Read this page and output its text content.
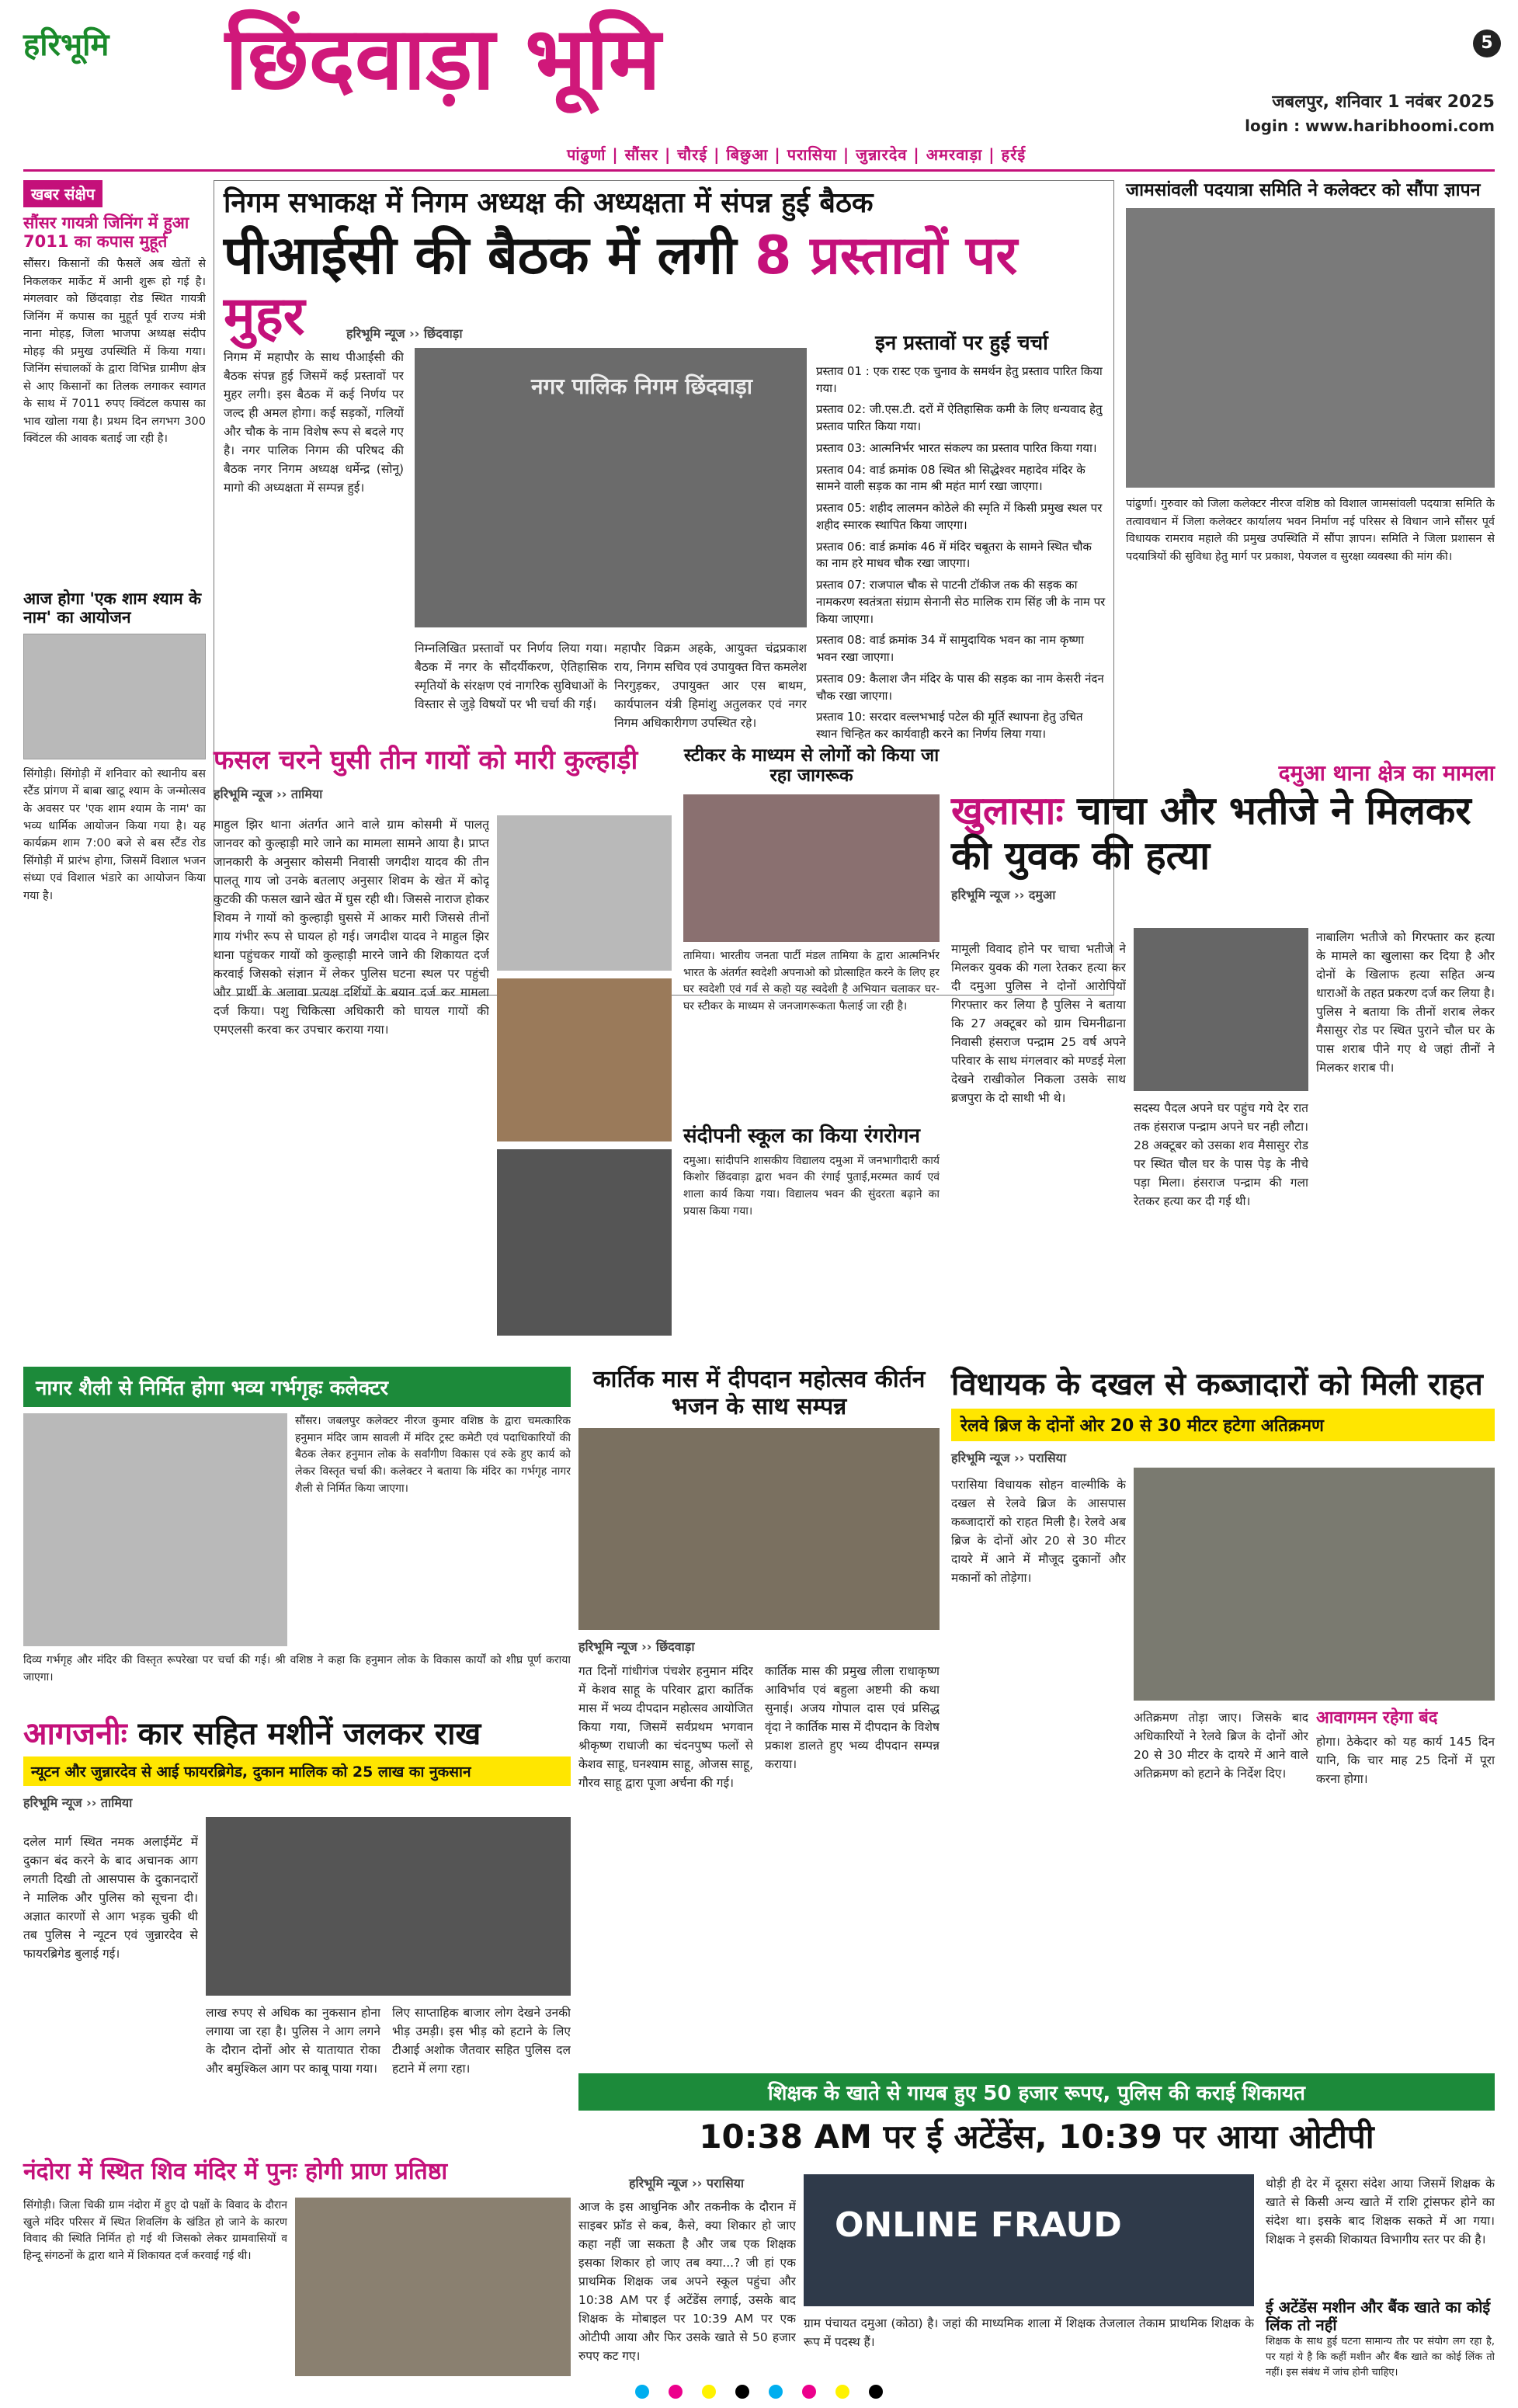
हरिभूमि छिंदवाड़ा भूमि	5
जबलपुर, शनिवार 1 नवंबर 2025
login : www.haribhoomi.com
पांढुर्णा | सौंसर | चौरई | बिछुआ | परासिया | जुन्नारदेव | अमरवाड़ा | हर्रई
खबर संक्षेप
सौंसर गायत्री जिनिंग में हुआ 7011 का कपास मुहूर्त
सौंसर। किसानों की फैसलें अब खेतों से निकलकर मार्केट में आनी शुरू हो गई है। मंगलवार को छिंदवाड़ा रोड स्थित गायत्री जिनिंग में कपास का मुहूर्त पूर्व राज्य मंत्री नाना मोहड़, जिला भाजपा अध्यक्ष संदीप मोहड़ की प्रमुख उपस्थिति में किया गया। जिनिंग संचालकों के द्वारा विभिन्न ग्रामीण क्षेत्र से आए किसानों का तिलक लगाकर स्वागत के साथ में 7011 रुपए क्विंटल कपास का भाव खोला गया है। प्रथम दिन लगभग 300 क्विंटल की आवक बताई जा रही है।
आज होगा 'एक शाम श्याम के नाम' का आयोजन
सिंगोड़ी। सिंगोड़ी में शनिवार को स्थानीय बस स्टैंड प्रांगण में बाबा खाटू श्याम के जन्मोत्सव के अवसर पर 'एक शाम श्याम के नाम' का भव्य धार्मिक आयोजन किया गया है। यह कार्यक्रम शाम 7:00 बजे से बस स्टैंड रोड सिंगोड़ी में प्रारंभ होगा, जिसमें विशाल भजन संध्या एवं विशाल भंडारे का आयोजन किया गया है।
निगम सभाकक्ष में निगम अध्यक्ष की अध्यक्षता में संपन्न हुई बैठक
पीआईसी की बैठक में लगी 8 प्रस्तावों पर मुहर	हरिभूमि न्यूज ›› छिंदवाड़ा
निगम में महापौर के साथ पीआईसी की बैठक संपन्न हुई जिसमें कई प्रस्तावों पर मुहर लगी। इस बैठक में कई निर्णय पर जल्द ही अमल होगा। कई सड़कों, गलियों और चौक के नाम विशेष रूप से बदले गए है। नगर पालिक निगम की परिषद की बैठक नगर निगम अध्यक्ष धर्मेन्द्र (सोनू) मागो की अध्यक्षता में सम्पन्न हुई।
नगर पालिक निगम छिंदवाड़ा
निम्नलिखित प्रस्तावों पर निर्णय लिया गया। बैठक में नगर के सौंदर्यीकरण, ऐतिहासिक स्मृतियों के संरक्षण एवं नागरिक सुविधाओं के विस्तार से जुड़े विषयों पर भी चर्चा की गई।
महापौर विक्रम अहके, आयुक्त चंद्रप्रकाश राय, निगम सचिव एवं उपायुक्त वित्त कमलेश निरगुड़कर, उपायुक्त आर एस बाथम, कार्यपालन यंत्री हिमांशु अतुलकर एवं नगर निगम अधिकारीगण उपस्थित रहे।
इन प्रस्तावों पर हुई चर्चा
प्रस्ताव 01 : एक रास्ट एक चुनाव के समर्थन हेतु प्रस्ताव पारित किया गया।
प्रस्ताव 02: जी.एस.टी. दरों में ऐतिहासिक कमी के लिए धन्यवाद हेतु प्रस्ताव पारित किया गया।
प्रस्ताव 03: आत्मनिर्भर भारत संकल्प का प्रस्ताव पारित किया गया।
प्रस्ताव 04: वार्ड क्रमांक 08 स्थित श्री सिद्धेश्वर महादेव मंदिर के सामने वाली सड़क का नाम श्री महंत मार्ग रखा जाएगा।
प्रस्ताव 05: शहीद लालमन कोठेले की स्मृति में किसी प्रमुख स्थल पर शहीद स्मारक स्थापित किया जाएगा।
प्रस्ताव 06: वार्ड क्रमांक 46 में मंदिर चबूतरा के सामने स्थित चौक का नाम हरे माधव चौक रखा जाएगा।
प्रस्ताव 07: राजपाल चौक से पाटनी टॉकीज तक की सड़क का नामकरण स्वतंत्रता संग्राम सेनानी सेठ मालिक राम सिंह जी के नाम पर किया जाएगा।
प्रस्ताव 08: वार्ड क्रमांक 34 में सामुदायिक भवन का नाम कृष्णा भवन रखा जाएगा।
प्रस्ताव 09: कैलाश जैन मंदिर के पास की सड़क का नाम केसरी नंदन चौक रखा जाएगा।
प्रस्ताव 10: सरदार वल्लभभाई पटेल की मूर्ति स्थापना हेतु उचित स्थान चिन्हित कर कार्यवाही करने का निर्णय लिया गया।
जामसांवली पदयात्रा समिति ने कलेक्टर को सौंपा ज्ञापन
पांढुर्णा। गुरुवार को जिला कलेक्टर नीरज वशिष्ठ को विशाल जामसांवली पदयात्रा समिति के तत्वावधान में जिला कलेक्टर कार्यालय भवन निर्माण नई परिसर से विधान जाने सौंसर पूर्व विधायक रामराव महाले की प्रमुख उपस्थिति में सौंपा ज्ञापन। समिति ने जिला प्रशासन से पदयात्रियों की सुविधा हेतु मार्ग पर प्रकाश, पेयजल व सुरक्षा व्यवस्था की मांग की।
फसल चरने घुसी तीन गायों को मारी कुल्हाड़ी
हरिभूमि न्यूज ›› तामिया
माहुल झिर थाना अंतर्गत आने वाले ग्राम कोसमी में पालतू जानवर को कुल्हाड़ी मारे जाने का मामला सामने आया है। प्राप्त जानकारी के अनुसार कोसमी निवासी जगदीश यादव की तीन पालतू गाय जो उनके बतलाए अनुसार शिवम के खेत में कोदू कुटकी की फसल खाने खेत में घुस रही थी। जिससे नाराज होकर शिवम ने गायों को कुल्हाड़ी घुससे में आकर मारी जिससे तीनों गाय गंभीर रूप से घायल हो गई। जगदीश यादव ने माहुल झिर थाना पहुंचकर गायों को कुल्हाड़ी मारने जाने की शिकायत दर्ज करवाई जिसको संज्ञान में लेकर पुलिस घटना स्थल पर पहुंची और प्रार्थी के अलावा प्रत्यक्ष दर्शियों के बयान दर्ज कर मामला दर्ज किया। पशु चिकित्सा अधिकारी को घायल गायों की एमएलसी करवा कर उपचार कराया गया।
स्टीकर के माध्यम से लोगों को किया जा रहा जागरूक
तामिया। भारतीय जनता पार्टी मंडल तामिया के द्वारा आत्मनिर्भर भारत के अंतर्गत स्वदेशी अपनाओ को प्रोत्साहित करने के लिए हर घर स्वदेशी एवं गर्व से कहो यह स्वदेशी है अभियान चलाकर घर-घर स्टीकर के माध्यम से जनजागरूकता फैलाई जा रही है।
संदीपनी स्कूल का किया रंगरोगन
दमुआ। सांदीपनि शासकीय विद्यालय दमुआ में जनभागीदारी कार्य किशोर छिंदवाड़ा द्वारा भवन की रंगाई पुताई,मरम्मत कार्य एवं शाला कार्य किया गया। विद्यालय भवन की सुंदरता बढ़ाने का प्रयास किया गया।
दमुआ थाना क्षेत्र का मामला
खुलासाः चाचा और भतीजे ने मिलकर की युवक की हत्या
हरिभूमि न्यूज ›› दमुआ
मामूली विवाद होने पर चाचा भतीजे ने मिलकर युवक की गला रेतकर हत्या कर दी दमुआ पुलिस ने दोनों आरोपियों गिरफ्तार कर लिया है पुलिस ने बताया कि 27 अक्टूबर को ग्राम चिमनीढाना निवासी हंसराज पन्द्राम 25 वर्ष अपने परिवार के साथ मंगलवार को मण्डई मेला देखने राखीकोल निकला उसके साथ ब्रजपुरा के दो साथी भी थे।
सदस्य पैदल अपने घर पहुंच गये देर रात तक हंसराज पन्द्राम अपने घर नही लौटा। 28 अक्टूबर को उसका शव मैसासुर रोड पर स्थित चौल घर के पास पेड़ के नीचे पड़ा मिला। हंसराज पन्द्राम की गला रेतकर हत्या कर दी गई थी।
नाबालिग भतीजे को गिरफ्तार कर हत्या के मामले का खुलासा कर दिया है और दोनों के खिलाफ हत्या सहित अन्य धाराओं के तहत प्रकरण दर्ज कर लिया है। पुलिस ने बताया कि तीनों शराब लेकर मैसासुर रोड पर स्थित पुराने चौल घर के पास शराब पीने गए थे जहां तीनों ने मिलकर शराब पी।
नागर शैली से निर्मित होगा भव्य गर्भगृहः कलेक्टर
सौंसर। जबलपुर कलेक्टर नीरज कुमार वशिष्ठ के द्वारा चमत्कारिक हनुमान मंदिर जाम सावली में मंदिर ट्रस्ट कमेटी एवं पदाधिकारियों की बैठक लेकर हनुमान लोक के सर्वांगीण विकास एवं रुके हुए कार्य को लेकर विस्तृत चर्चा की। कलेक्टर ने बताया कि मंदिर का गर्भगृह नागर शैली से निर्मित किया जाएगा।
दिव्य गर्भगृह और मंदिर की विस्तृत रूपरेखा पर चर्चा की गई। श्री वशिष्ठ ने कहा कि हनुमान लोक के विकास कार्यों को शीघ्र पूर्ण कराया जाएगा।
कार्तिक मास में दीपदान महोत्सव कीर्तन भजन के साथ सम्पन्न
हरिभूमि न्यूज ›› छिंदवाड़ा
गत दिनों गांधीगंज पंचशेर हनुमान मंदिर में केशव साहू के परिवार द्वारा कार्तिक मास में भव्य दीपदान महोत्सव आयोजित किया गया, जिसमें सर्वप्रथम भगवान श्रीकृष्ण राधाजी का चंदनपुष्प फलों से केशव साहू, घनश्याम साहू, ओजस साहू, गौरव साहू द्वारा पूजा अर्चना की गई।
कार्तिक मास की प्रमुख लीला राधाकृष्ण आविर्भाव एवं बहुला अष्टमी की कथा सुनाई। अजय गोपाल दास एवं प्रसिद्ध वृंदा ने कार्तिक मास में दीपदान के विशेष प्रकाश डालते हुए भव्य दीपदान सम्पन्न कराया।
विधायक के दखल से कब्जादारों को मिली राहत
रेलवे ब्रिज के दोनों ओर 20 से 30 मीटर हटेगा अतिक्रमण
हरिभूमि न्यूज ›› परासिया
परासिया विधायक सोहन वाल्मीकि के दखल से रेलवे ब्रिज के आसपास कब्जादारों को राहत मिली है। रेलवे अब ब्रिज के दोनों ओर 20 से 30 मीटर दायरे में आने में मौजूद दुकानों और मकानों को तोड़ेगा।
अतिक्रमण तोड़ा जाए। जिसके बाद अधिकारियों ने रेलवे ब्रिज के दोनों ओर 20 से 30 मीटर के दायरे में आने वाले अतिक्रमण को हटाने के निर्देश दिए।
आवागमन रहेगा बंद
होगा। ठेकेदार को यह कार्य 145 दिन यानि, कि चार माह 25 दिनों में पूरा करना होगा।
आगजनीः कार सहित मशीनें जलकर राख
न्यूटन और जुन्नारदेव से आई फायरब्रिगेड, दुकान मालिक को 25 लाख का नुकसान
हरिभूमि न्यूज ›› तामिया
दलेल मार्ग स्थित नमक अलाईमेंट में दुकान बंद करने के बाद अचानक आग लगती दिखी तो आसपास के दुकानदारों ने मालिक और पुलिस को सूचना दी। अज्ञात कारणों से आग भड़क चुकी थी तब पुलिस ने न्यूटन एवं जुन्नारदेव से फायरब्रिगेड बुलाई गई।
लाख रुपए से अधिक का नुकसान होना लगाया जा रहा है। पुलिस ने आग लगने के दौरान दोनों ओर से यातायात रोका और बमुश्किल आग पर काबू पाया गया।
लिए साप्ताहिक बाजार लोग देखने उनकी भीड़ उमड़ी। इस भीड़ को हटाने के लिए टीआई अशोक जैतवार सहित पुलिस दल हटाने में लगा रहा।
शिक्षक के खाते से गायब हुए 50 हजार रूपए, पुलिस की कराई शिकायत
10:38 AM पर ई अटेंडेंस, 10:39 पर आया ओटीपी
हरिभूमि न्यूज ›› परासिया
आज के इस आधुनिक और तकनीक के दौरान में साइबर फ्रॉड से कब, कैसे, क्या शिकार हो जाए कहा नहीं जा सकता है और जब एक शिक्षक इसका शिकार हो जाए तब क्या...? जी हां एक प्राथमिक शिक्षक जब अपने स्कूल पहुंचा और 10:38 AM पर ई अटेंडेंस लगाई, उसके बाद शिक्षक के मोबाइल पर 10:39 AM पर एक ओटीपी आया और फिर उसके खाते से 50 हजार रुपए कट गए।
ONLINE FRAUD
ग्राम पंचायत दमुआ (कोठा) है। जहां की माध्यमिक शाला में शिक्षक तेजलाल तेकाम प्राथमिक शिक्षक के रूप में पदस्थ हैं।
थोड़ी ही देर में दूसरा संदेश आया जिसमें शिक्षक के खाते से किसी अन्य खाते में राशि ट्रांसफर होने का संदेश था। इसके बाद शिक्षक सकते में आ गया। शिक्षक ने इसकी शिकायत विभागीय स्तर पर की है।
ई अटेंडेंस मशीन और बैंक खाते का कोई लिंक तो नहीं
शिक्षक के साथ हुई घटना सामान्य तौर पर संयोग लग रहा है, पर यहां ये है कि कहीं मशीन और बैंक खाते का कोई लिंक तो नहीं। इस संबंध में जांच होनी चाहिए।
नंदोरा में स्थित शिव मंदिर में पुनः होगी प्राण प्रतिष्ठा
सिंगोड़ी। जिला चिकी ग्राम नंदोरा में हुए दो पक्षों के विवाद के दौरान खुले मंदिर परिसर में स्थित शिवलिंग के खंडित हो जाने के कारण विवाद की स्थिति निर्मित हो गई थी जिसको लेकर ग्रामवासियों व हिन्दू संगठनों के द्वारा थाने में शिकायत दर्ज करवाई गई थी।
